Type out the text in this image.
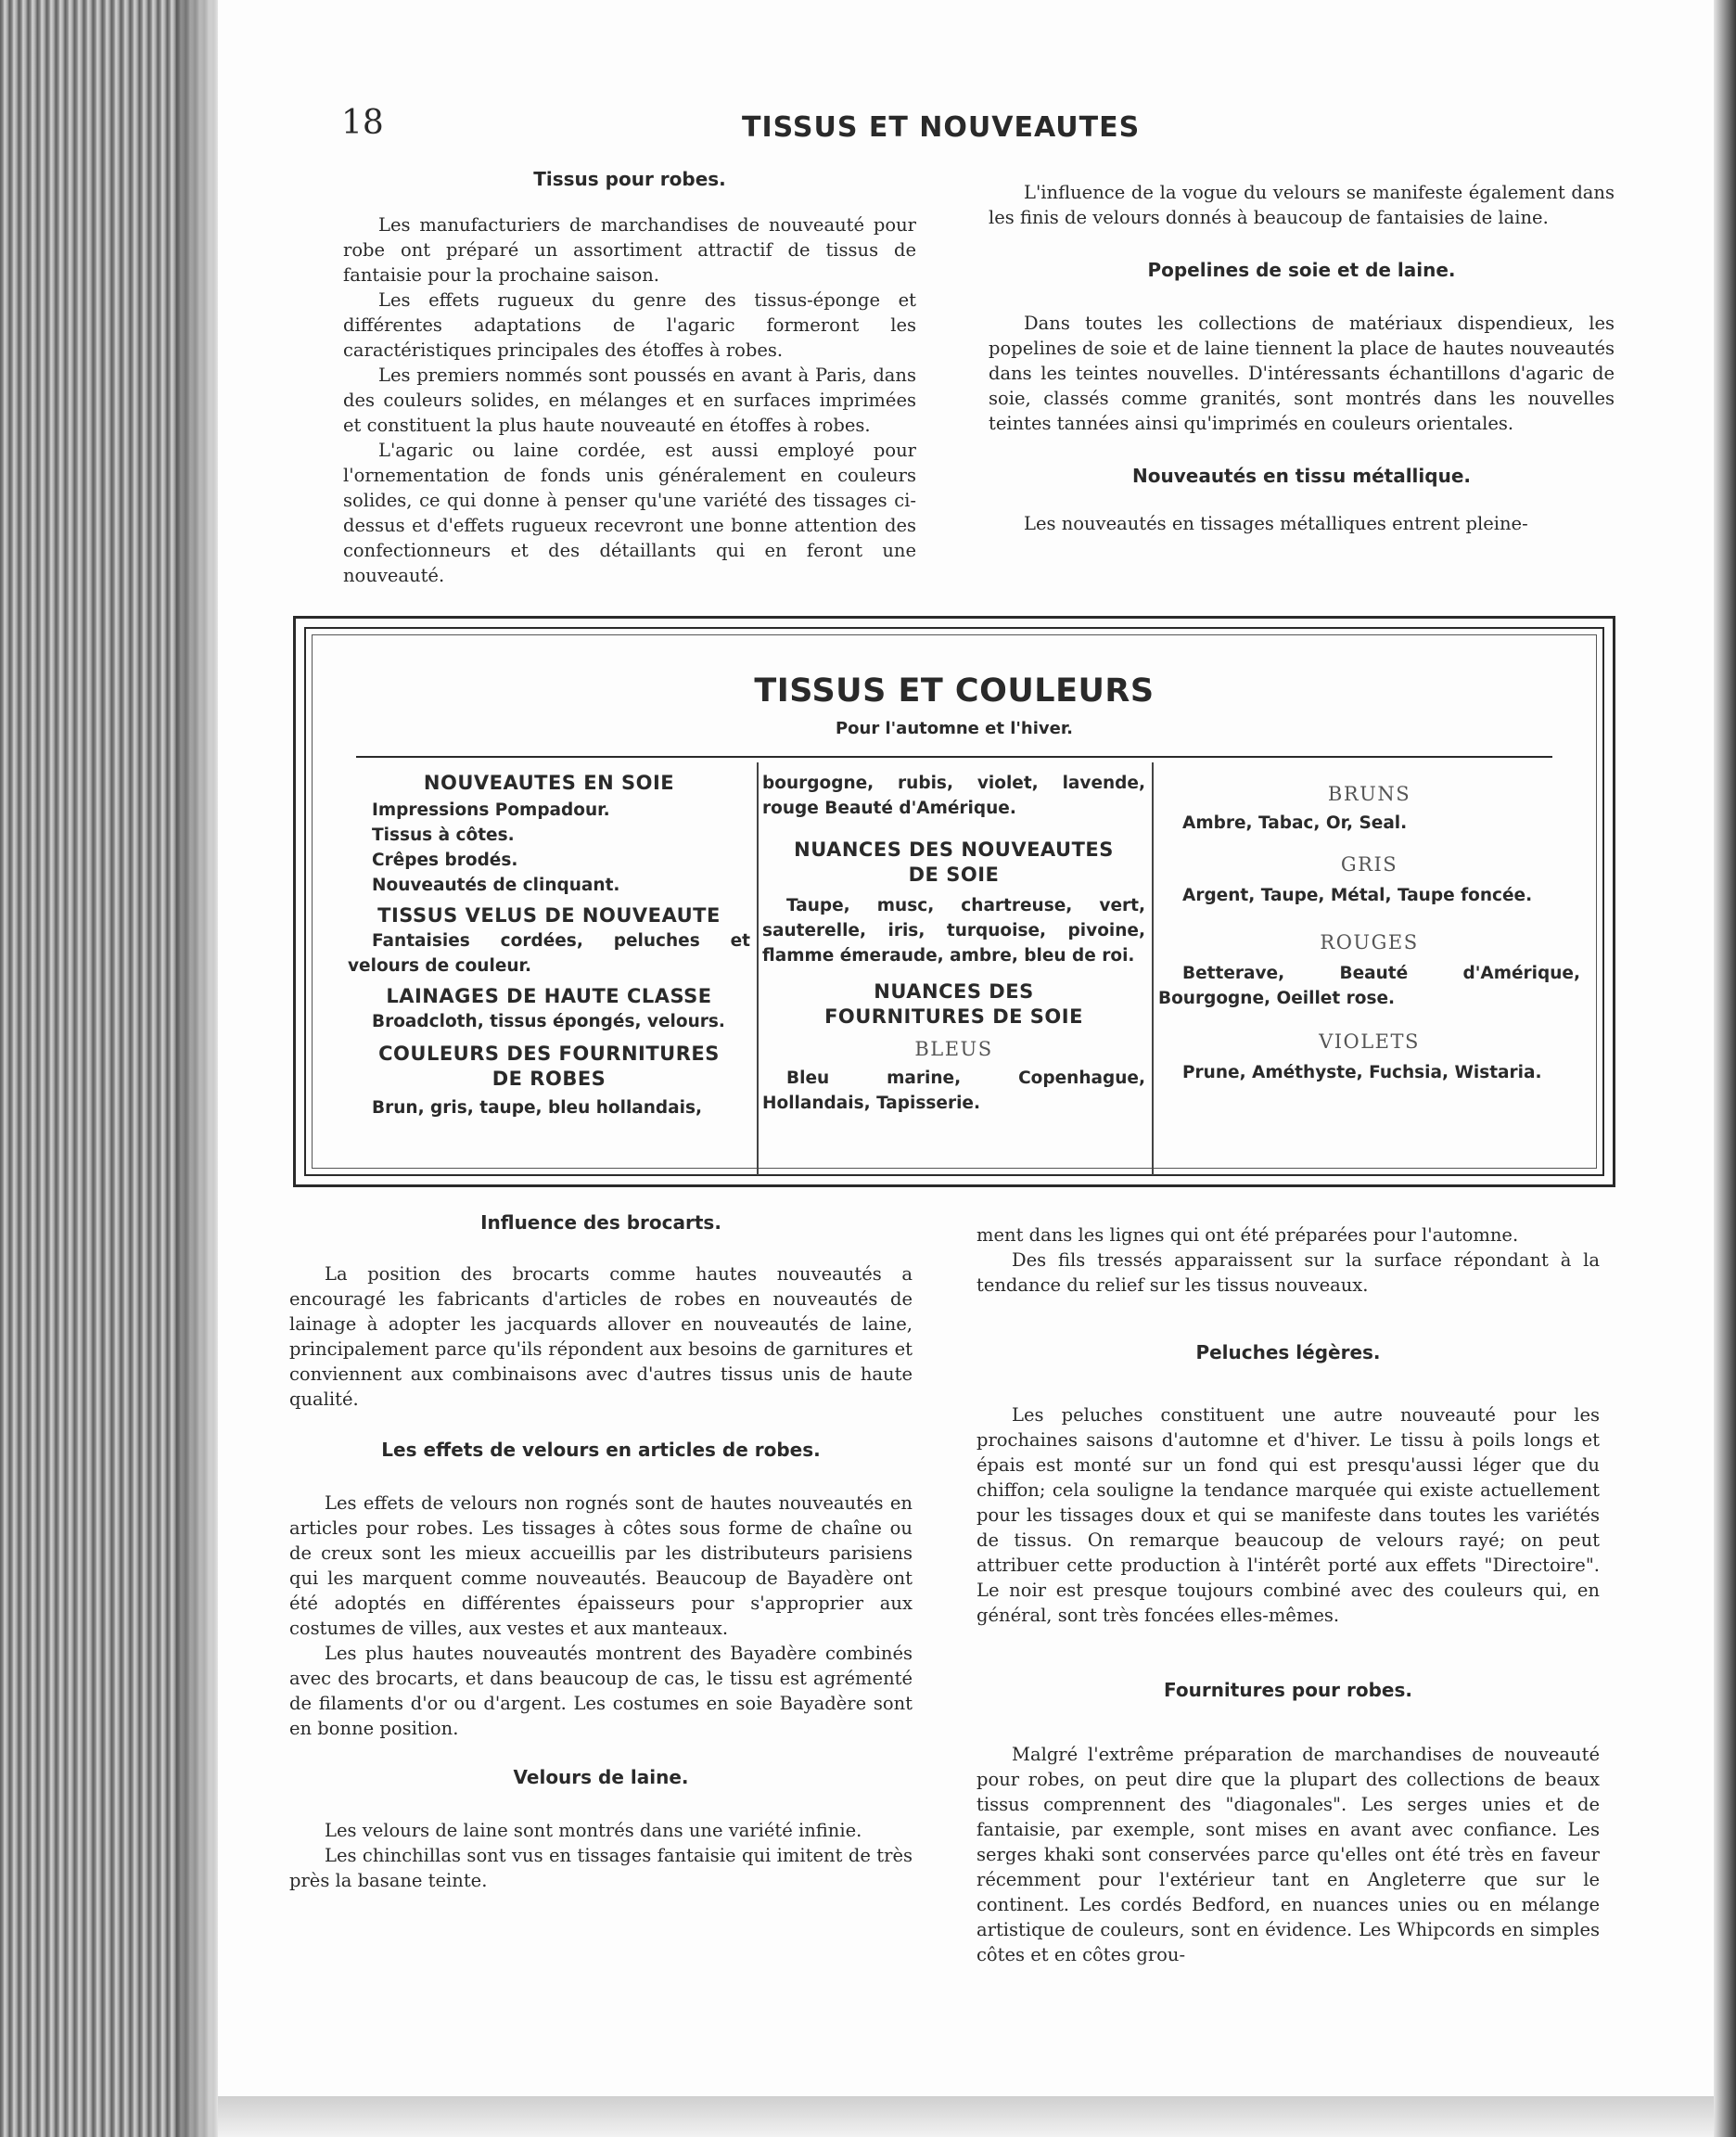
18	TISSUS ET NOUVEAUTES
Tissus pour robes.

Les manufacturiers de marchandises de nouveauté pour robe ont préparé un assortiment attractif de tissus de fantaisie pour la prochaine saison.

Les effets rugueux du genre des tissus-éponge et différentes adaptations de l'agaric formeront les caractéristiques principales des étoffes à robes.

Les premiers nommés sont poussés en avant à Paris, dans des couleurs solides, en mélanges et en surfaces imprimées et constituent la plus haute nouveauté en étoffes à robes.

L'agaric ou laine cordée, est aussi employé pour l'ornementation de fonds unis généralement en couleurs solides, ce qui donne à penser qu'une variété des tissages ci-dessus et d'effets rugueux recevront une bonne attention des confectionneurs et des détaillants qui en feront une nouveauté.

L'influence de la vogue du velours se manifeste également dans les finis de velours donnés à beaucoup de fantaisies de laine.

Popelines de soie et de laine.

Dans toutes les collections de matériaux dispendieux, les popelines de soie et de laine tiennent la place de hautes nouveautés dans les teintes nouvelles. D'intéressants échantillons d'agaric de soie, classés comme granités, sont montrés dans les nouvelles teintes tannées ainsi qu'imprimés en couleurs orientales.

Nouveautés en tissu métallique.

Les nouveautés en tissages métalliques entrent pleine-

TISSUS ET COULEURS
Pour l'automne et l'hiver.

NOUVEAUTES EN SOIE

Impressions Pompadour.

Tissus à côtes.

Crêpes brodés.

Nouveautés de clinquant.

TISSUS VELUS DE NOUVEAUTE

Fantaisies cordées, peluches et velours de couleur.

LAINAGES DE HAUTE CLASSE

Broadcloth, tissus épongés, velours.

COULEURS DES FOURNITURES DE ROBES

Brun, gris, taupe, bleu hollandais,

bourgogne, rubis, violet, lavende, rouge Beauté d'Amérique.

NUANCES DES NOUVEAUTES DE SOIE

Taupe, musc, chartreuse, vert, sauterelle, iris, turquoise, pivoine, flamme émeraude, ambre, bleu de roi.

NUANCES DES FOURNITURES DE SOIE

BLEUS

Bleu marine, Copenhague, Hollandais, Tapisserie.

BRUNS

Ambre, Tabac, Or, Seal.

GRIS

Argent, Taupe, Métal, Taupe foncée.

ROUGES

Betterave, Beauté d'Amérique, Bourgogne, Oeillet rose.

VIOLETS

Prune, Améthyste, Fuchsia, Wistaria.

Influence des brocarts.

La position des brocarts comme hautes nouveautés a encouragé les fabricants d'articles de robes en nouveautés de lainage à adopter les jacquards allover en nouveautés de laine, principalement parce qu'ils répondent aux besoins de garnitures et conviennent aux combinaisons avec d'autres tissus unis de haute qualité.

Les effets de velours en articles de robes.

Les effets de velours non rognés sont de hautes nouveautés en articles pour robes. Les tissages à côtes sous forme de chaîne ou de creux sont les mieux accueillis par les distributeurs parisiens qui les marquent comme nouveautés. Beaucoup de Bayadère ont été adoptés en différentes épaisseurs pour s'approprier aux costumes de villes, aux vestes et aux manteaux.

Les plus hautes nouveautés montrent des Bayadère combinés avec des brocarts, et dans beaucoup de cas, le tissu est agrémenté de filaments d'or ou d'argent. Les costumes en soie Bayadère sont en bonne position.

Velours de laine.

Les velours de laine sont montrés dans une variété infinie.

Les chinchillas sont vus en tissages fantaisie qui imitent de très près la basane teinte.

ment dans les lignes qui ont été préparées pour l'automne.

Des fils tressés apparaissent sur la surface répondant à la tendance du relief sur les tissus nouveaux.

Peluches légères.

Les peluches constituent une autre nouveauté pour les prochaines saisons d'automne et d'hiver. Le tissu à poils longs et épais est monté sur un fond qui est presqu'aussi léger que du chiffon; cela souligne la tendance marquée qui existe actuellement pour les tissages doux et qui se manifeste dans toutes les variétés de tissus. On remarque beaucoup de velours rayé; on peut attribuer cette production à l'intérêt porté aux effets "Directoire". Le noir est presque toujours combiné avec des couleurs qui, en général, sont très foncées elles-mêmes.

Fournitures pour robes.

Malgré l'extrême préparation de marchandises de nouveauté pour robes, on peut dire que la plupart des collections de beaux tissus comprennent des "diagonales". Les serges unies et de fantaisie, par exemple, sont mises en avant avec confiance. Les serges khaki sont conservées parce qu'elles ont été très en faveur récemment pour l'extérieur tant en Angleterre que sur le continent. Les cordés Bedford, en nuances unies ou en mélange artistique de couleurs, sont en évidence. Les Whipcords en simples côtes et en côtes grou-
